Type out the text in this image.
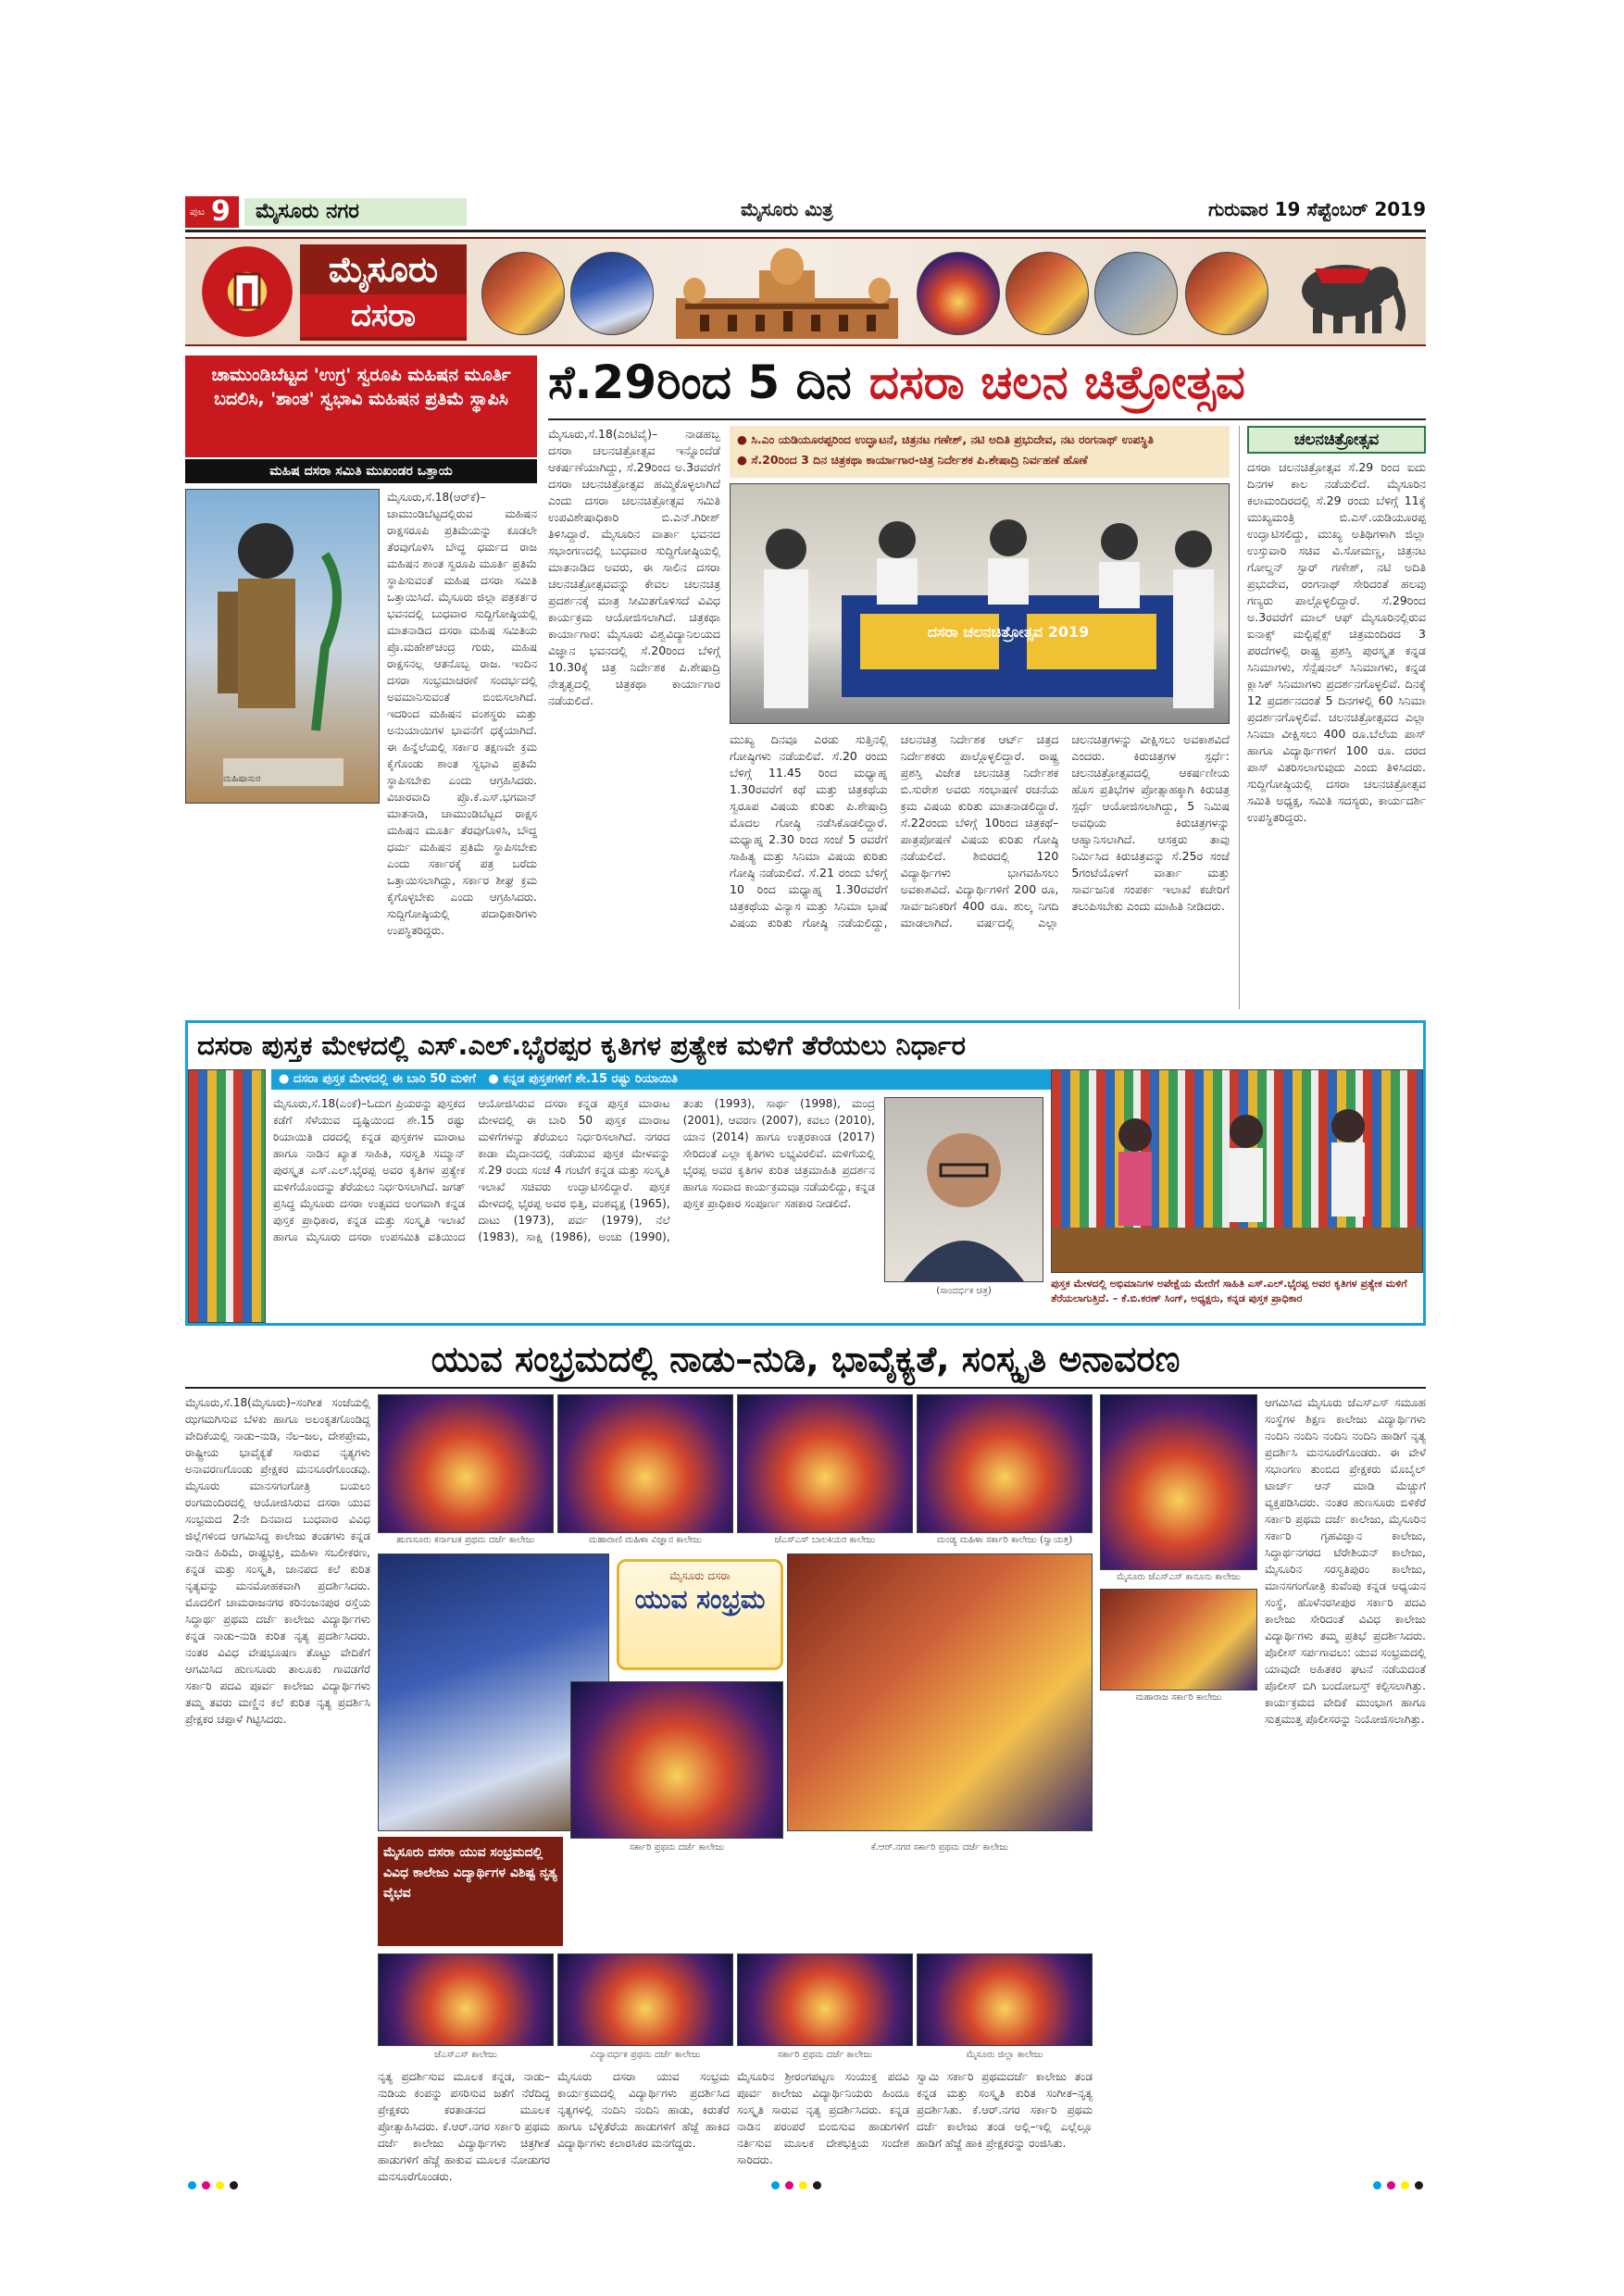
ಪುಟ 9	ಮೈಸೂರು ನಗರ	ಮೈಸೂರು ಮಿತ್ರ	ಗುರುವಾರ 19 ಸೆಪ್ಟೆಂಬರ್ 2019
ಮೈಸೂರು
ದಸರಾ
ಚಾಮುಂಡಿಬೆಟ್ಟದ 'ಉಗ್ರ' ಸ್ವರೂಪಿ ಮಹಿಷನ ಮೂರ್ತಿ ಬದಲಿಸಿ, 'ಶಾಂತ' ಸ್ವಭಾವಿ ಮಹಿಷನ ಪ್ರತಿಮೆ ಸ್ಥಾಪಿಸಿ
ಮಹಿಷ ದಸರಾ ಸಮಿತಿ ಮುಖಂಡರ ಒತ್ತಾಯ
ಮಹಿಷಾಸುರ
ಮೈಸೂರು,ಸೆ.18(ಆರ್‌ಕೆ)–ಚಾಮುಂಡಿಬೆಟ್ಟದಲ್ಲಿರುವ ಮಹಿಷನ ರಾಕ್ಷಸರೂಪಿ ಪ್ರತಿಮೆಯನ್ನು ಕೂಡಲೇ ತೆರವುಗೊಳಿಸಿ ಬೌದ್ಧ ಧರ್ಮದ ರಾಜ ಮಹಿಷನ ಶಾಂತ ಸ್ವರೂಪಿ ಮೂರ್ತಿ ಪ್ರತಿಮೆ ಸ್ಥಾಪಿಸುವಂತೆ ಮಹಿಷ ದಸರಾ ಸಮಿತಿ ಒತ್ತಾಯಿಸಿದೆ. ಮೈಸೂರು ಜಿಲ್ಲಾ ಪತ್ರಕರ್ತರ ಭವನದಲ್ಲಿ ಬುಧವಾರ ಸುದ್ದಿಗೋಷ್ಠಿಯಲ್ಲಿ ಮಾತನಾಡಿದ ದಸರಾ ಮಹಿಷ ಸಮಿತಿಯ ಪ್ರೊ.ಮಹೇಶ್‌ಚಂದ್ರ ಗುರು, ಮಹಿಷ ರಾಕ್ಷಸನಲ್ಲ ಆತನೊಬ್ಬ ರಾಜ. ಇಂದಿನ ದಸರಾ ಸಂಭ್ರಮಾಚರಣೆ ಸಂದರ್ಭದಲ್ಲಿ ಅವಮಾನಿಸುವಂತೆ ಬಿಂಬಿಸಲಾಗಿದೆ. ಇದರಿಂದ ಮಹಿಷನ ವಂಶಸ್ಥರು ಮತ್ತು ಅನುಯಾಯಿಗಳ ಭಾವನೆಗೆ ಧಕ್ಕೆಯಾಗಿದೆ. ಈ ಹಿನ್ನೆಲೆಯಲ್ಲಿ ಸರ್ಕಾರ ತಕ್ಷಣವೇ ಕ್ರಮ ಕೈಗೊಂಡು ಶಾಂತ ಸ್ವಭಾವಿ ಪ್ರತಿಮೆ ಸ್ಥಾಪಿಸಬೇಕು ಎಂದು ಆಗ್ರಹಿಸಿದರು. ವಿಚಾರವಾದಿ ಪ್ರೊ.ಕೆ.ಎಸ್.ಭಗವಾನ್ ಮಾತನಾಡಿ, ಚಾಮುಂಡಿಬೆಟ್ಟದ ರಾಕ್ಷಸ ಮಹಿಷನ ಮೂರ್ತಿ ತೆರವುಗೊಳಿಸಿ, ಬೌದ್ಧ ಧರ್ಮ ಮಹಿಷನ ಪ್ರತಿಮೆ ಸ್ಥಾಪಿಸಬೇಕು ಎಂದು ಸರ್ಕಾರಕ್ಕೆ ಪತ್ರ ಬರೆದು ಒತ್ತಾಯಿಸಲಾಗಿದ್ದು, ಸರ್ಕಾರ ಶೀಘ್ರ ಕ್ರಮ ಕೈಗೊಳ್ಳಬೇಕು ಎಂದು ಆಗ್ರಹಿಸಿದರು. ಸುದ್ದಿಗೋಷ್ಠಿಯಲ್ಲಿ ಪದಾಧಿಕಾರಿಗಳು ಉಪಸ್ಥಿತರಿದ್ದರು.
ಸೆ.29ರಿಂದ 5 ದಿನ ದಸರಾ ಚಲನ ಚಿತ್ರೋತ್ಸವ
ಮೈಸೂರು,ಸೆ.18(ಎಂಟಿವೈ)– ನಾಡಹಬ್ಬ ದಸರಾ ಚಲನಚಿತ್ರೋತ್ಸವ ಇನ್ನೊಂದೆಡೆ ಆಕರ್ಷಣೆಯಾಗಿದ್ದು, ಸೆ.29ರಿಂದ ಅ.3ರವರೆಗೆ ದಸರಾ ಚಲನಚಿತ್ರೋತ್ಸವ ಹಮ್ಮಿಕೊಳ್ಳಲಾಗಿದೆ ಎಂದು ದಸರಾ ಚಲನಚಿತ್ರೋತ್ಸವ ಸಮಿತಿ ಉಪವಿಶೇಷಾಧಿಕಾರಿ ಬಿ.ಎನ್.ಗಿರೀಶ್ ತಿಳಿಸಿದ್ದಾರೆ. ಮೈಸೂರಿನ ವಾರ್ತಾ ಭವನದ ಸಭಾಂಗಣದಲ್ಲಿ ಬುಧವಾರ ಸುದ್ದಿಗೋಷ್ಠಿಯಲ್ಲಿ ಮಾತನಾಡಿದ ಅವರು, ಈ ಸಾಲಿನ ದಸರಾ ಚಲನಚಿತ್ರೋತ್ಸವವನ್ನು ಕೇವಲ ಚಲನಚಿತ್ರ ಪ್ರದರ್ಶನಕ್ಕೆ ಮಾತ್ರ ಸೀಮಿತಗೊಳಿಸದೆ ವಿವಿಧ ಕಾರ್ಯಕ್ರಮ ಆಯೋಜಿಸಲಾಗಿದೆ. ಚಿತ್ರಕಥಾ ಕಾರ್ಯಾಗಾರ: ಮೈಸೂರು ವಿಶ್ವವಿದ್ಯಾನಿಲಯದ ವಿಜ್ಞಾನ ಭವನದಲ್ಲಿ ಸೆ.20ರಿಂದ ಬೆಳಿಗ್ಗೆ 10.30ಕ್ಕೆ ಚಿತ್ರ ನಿರ್ದೇಶಕ ಪಿ.ಶೇಷಾದ್ರಿ ನೇತೃತ್ವದಲ್ಲಿ ಚಿತ್ರಕಥಾ ಕಾರ್ಯಾಗಾರ ನಡೆಯಲಿದೆ.
● ಸಿ.ಎಂ ಯಡಿಯೂರಪ್ಪರಿಂದ ಉದ್ಘಾಟನೆ, ಚಿತ್ರನಟ ಗಣೇಶ್, ನಟಿ ಅದಿತಿ ಪ್ರಭುದೇವ, ನಟ ರಂಗನಾಥ್ ಉಪಸ್ಥಿತಿ
● ಸೆ.20ರಿಂದ 3 ದಿನ ಚಿತ್ರಕಥಾ ಕಾರ್ಯಾಗಾರ-ಚಿತ್ರ ನಿರ್ದೇಶಕ ಪಿ.ಶೇಷಾದ್ರಿ ನಿರ್ವಹಣೆ ಹೊಣೆ
ದಸರಾ ಚಲನಚಿತ್ರೋತ್ಸವ 2019
ಮುಖ್ಯ ದಿನವೂ ಎರಡು ಸುತ್ತಿನಲ್ಲಿ ಗೋಷ್ಠಿಗಳು ನಡೆಯಲಿವೆ. ಸೆ.20 ರಂದು ಬೆಳಿಗ್ಗೆ 11.45 ರಿಂದ ಮಧ್ಯಾಹ್ನ 1.30ರವರೆಗೆ ಕಥೆ ಮತ್ತು ಚಿತ್ರಕಥೆಯ ಸ್ವರೂಪ ವಿಷಯ ಕುರಿತು ಪಿ.ಶೇಷಾದ್ರಿ ಮೊದಲ ಗೋಷ್ಠಿ ನಡೆಸಿಕೊಡಲಿದ್ದಾರೆ. ಮಧ್ಯಾಹ್ನ 2.30 ರಿಂದ ಸಂಜೆ 5 ರವರೆಗೆ ಸಾಹಿತ್ಯ ಮತ್ತು ಸಿನಿಮಾ ವಿಷಯ ಕುರಿತು ಗೋಷ್ಠಿ ನಡೆಯಲಿದೆ. ಸೆ.21 ರಂದು ಬೆಳಿಗ್ಗೆ 10 ರಿಂದ ಮಧ್ಯಾಹ್ನ 1.30ರವರೆಗೆ ಚಿತ್ರಕಥೆಯ ವಿನ್ಯಾಸ ಮತ್ತು ಸಿನಿಮಾ ಭಾಷೆ ವಿಷಯ ಕುರಿತು ಗೋಷ್ಠಿ ನಡೆಯಲಿದ್ದು, ಚಲನಚಿತ್ರ ನಿರ್ದೇಶಕ ಆರ್ಟ್ ಚಿತ್ರದ ನಿರ್ದೇಶಕರು ಪಾಲ್ಗೊಳ್ಳಲಿದ್ದಾರೆ. ರಾಷ್ಟ್ರ ಪ್ರಶಸ್ತಿ ವಿಜೇತ ಚಲನಚಿತ್ರ ನಿರ್ದೇಶಕ ಬಿ.ಸುರೇಶ ಅವರು ಸಂಭಾಷಣೆ ರಚನೆಯ ಕ್ರಮ ವಿಷಯ ಕುರಿತು ಮಾತನಾಡಲಿದ್ದಾರೆ. ಸೆ.22ರಂದು ಬೆಳಿಗ್ಗೆ 10ರಿಂದ ಚಿತ್ರಕಥೆ–ಪಾತ್ರಪೋಷಣೆ ವಿಷಯ ಕುರಿತು ಗೋಷ್ಠಿ ನಡೆಯಲಿದೆ. ಶಿಬಿರದಲ್ಲಿ 120 ವಿದ್ಯಾರ್ಥಿಗಳು ಭಾಗವಹಿಸಲು ಅವಕಾಶವಿದೆ. ವಿದ್ಯಾರ್ಥಿಗಳಿಗೆ 200 ರೂ, ಸಾರ್ವಜನಿಕರಿಗೆ 400 ರೂ. ಶುಲ್ಕ ನಿಗದಿ ಮಾಡಲಾಗಿದೆ. ವರ್ಷದಲ್ಲಿ ಎಲ್ಲಾ ಚಲನಚಿತ್ರಗಳನ್ನು ವೀಕ್ಷಿಸಲು ಅವಕಾಶವಿದೆ ಎಂದರು. ಕಿರುಚಿತ್ರಗಳ ಸ್ಪರ್ಧೆ: ಚಲನಚಿತ್ರೋತ್ಸವದಲ್ಲಿ ಆಕರ್ಷಣೀಯ ಹೊಸ ಪ್ರತಿಭೆಗಳ ಪ್ರೋತ್ಸಾಹಕ್ಕಾಗಿ ಕಿರುಚಿತ್ರ ಸ್ಪರ್ಧೆ ಆಯೋಜಿಸಲಾಗಿದ್ದು, 5 ನಿಮಿಷ ಅವಧಿಯ ಕಿರುಚಿತ್ರಗಳನ್ನು ಆಹ್ವಾನಿಸಲಾಗಿದೆ. ಆಸಕ್ತರು ತಾವು ನಿರ್ಮಿಸಿದ ಕಿರುಚಿತ್ರವನ್ನು ಸೆ.25ರ ಸಂಜೆ 5ಗಂಟೆಯೊಳಗೆ ವಾರ್ತಾ ಮತ್ತು ಸಾರ್ವಜನಿಕ ಸಂಪರ್ಕ ಇಲಾಖೆ ಕಚೇರಿಗೆ ತಲುಪಿಸಬೇಕು ಎಂದು ಮಾಹಿತಿ ನೀಡಿದರು.
ಚಲನಚಿತ್ರೋತ್ಸವ
ದಸರಾ ಚಲನಚಿತ್ರೋತ್ಸವ ಸೆ.29 ರಿಂದ ಐದು ದಿನಗಳ ಕಾಲ ನಡೆಯಲಿದೆ. ಮೈಸೂರಿನ ಕಲಾಮಂದಿರದಲ್ಲಿ ಸೆ.29 ರಂದು ಬೆಳಿಗ್ಗೆ 11ಕ್ಕೆ ಮುಖ್ಯಮಂತ್ರಿ ಬಿ.ಎಸ್.ಯಡಿಯೂರಪ್ಪ ಉದ್ಘಾಟಿಸಲಿದ್ದು, ಮುಖ್ಯ ಅತಿಥಿಗಳಾಗಿ ಜಿಲ್ಲಾ ಉಸ್ತುವಾರಿ ಸಚಿವ ವಿ.ಸೋಮಣ್ಣ, ಚಿತ್ರನಟ ಗೋಲ್ಡನ್ ಸ್ಟಾರ್ ಗಣೇಶ್, ನಟಿ ಅದಿತಿ ಪ್ರಭುದೇವ, ರಂಗನಾಥ್ ಸೇರಿದಂತೆ ಹಲವು ಗಣ್ಯರು ಪಾಲ್ಗೊಳ್ಳಲಿದ್ದಾರೆ. ಸೆ.29ರಿಂದ ಅ.3ರವರೆಗೆ ಮಾಲ್ ಆಫ್ ಮೈಸೂರಿನಲ್ಲಿರುವ ಐನಾಕ್ಸ್ ಮಲ್ಟಿಪ್ಲೆಕ್ಸ್ ಚಿತ್ರಮಂದಿರದ 3 ಪರದೆಗಳಲ್ಲಿ ರಾಷ್ಟ್ರ ಪ್ರಶಸ್ತಿ ಪುರಸ್ಕೃತ ಕನ್ನಡ ಸಿನಿಮಾಗಳು, ಸೆನ್ಸೆಷನಲ್ ಸಿನಿಮಾಗಳು, ಕನ್ನಡ ಕ್ಲಾಸಿಕ್ ಸಿನಿಮಾಗಳು ಪ್ರದರ್ಶನಗೊಳ್ಳಲಿವೆ. ದಿನಕ್ಕೆ 12 ಪ್ರದರ್ಶನದಂತೆ 5 ದಿನಗಳಲ್ಲಿ 60 ಸಿನಿಮಾ ಪ್ರದರ್ಶನಗೊಳ್ಳಲಿವೆ. ಚಲನಚಿತ್ರೋತ್ಸವದ ಎಲ್ಲಾ ಸಿನಿಮಾ ವೀಕ್ಷಿಸಲು 400 ರೂ.ಬೆಲೆಯ ಪಾಸ್ ಹಾಗೂ ವಿದ್ಯಾರ್ಥಿಗಳಿಗೆ 100 ರೂ. ದರದ ಪಾಸ್ ವಿತರಿಸಲಾಗುವುದು ಎಂದು ತಿಳಿಸಿದರು. ಸುದ್ದಿಗೋಷ್ಠಿಯಲ್ಲಿ ದಸರಾ ಚಲನಚಿತ್ರೋತ್ಸವ ಸಮಿತಿ ಅಧ್ಯಕ್ಷ, ಸಮಿತಿ ಸದಸ್ಯರು, ಕಾರ್ಯದರ್ಶಿ ಉಪಸ್ಥಿತರಿದ್ದರು.
ದಸರಾ ಪುಸ್ತಕ ಮೇಳದಲ್ಲಿ ಎಸ್.ಎಲ್.ಭೈರಪ್ಪರ ಕೃತಿಗಳ ಪ್ರತ್ಯೇಕ ಮಳಿಗೆ ತೆರೆಯಲು ನಿರ್ಧಾರ
● ದಸರಾ ಪುಸ್ತಕ ಮೇಳದಲ್ಲಿ ಈ ಬಾರಿ 50 ಮಳಿಗೆ   ● ಕನ್ನಡ ಪುಸ್ತಕಗಳಿಗೆ ಶೇ.15 ರಷ್ಟು ರಿಯಾಯಿತಿ
ಮೈಸೂರು,ಸೆ.18(ಎಂಕೆ)–ಓದುಗ ಪ್ರಿಯರನ್ನು ಪುಸ್ತಕದ ಕಡೆಗೆ ಸೆಳೆಯುವ ದೃಷ್ಟಿಯಿಂದ ಶೇ.15 ರಷ್ಟು ರಿಯಾಯಿತಿ ದರದಲ್ಲಿ ಕನ್ನಡ ಪುಸ್ತಕಗಳ ಮಾರಾಟ ಹಾಗೂ ನಾಡಿನ ಖ್ಯಾತ ಸಾಹಿತಿ, ಸರಸ್ವತಿ ಸಮ್ಮಾನ್ ಪುರಸ್ಕೃತ ಎಸ್.ಎಲ್.ಭೈರಪ್ಪ ಅವರ ಕೃತಿಗಳ ಪ್ರತ್ಯೇಕ ಮಳಿಗೆಯೊಂದನ್ನು ತೆರೆಯಲು ನಿರ್ಧರಿಸಲಾಗಿದೆ. ಜಗತ್ ಪ್ರಸಿದ್ಧ ಮೈಸೂರು ದಸರಾ ಉತ್ಸವದ ಅಂಗವಾಗಿ ಕನ್ನಡ ಪುಸ್ತಕ ಪ್ರಾಧಿಕಾರ, ಕನ್ನಡ ಮತ್ತು ಸಂಸ್ಕೃತಿ ಇಲಾಖೆ ಹಾಗೂ ಮೈಸೂರು ದಸರಾ ಉಪಸಮಿತಿ ವತಿಯಿಂದ ಆಯೋಜಿಸಿರುವ ದಸರಾ ಕನ್ನಡ ಪುಸ್ತಕ ಮಾರಾಟ ಮೇಳದಲ್ಲಿ ಈ ಬಾರಿ 50 ಪುಸ್ತಕ ಮಾರಾಟ ಮಳಿಗೆಗಳನ್ನು ತೆರೆಯಲು ನಿರ್ಧರಿಸಲಾಗಿದೆ. ನಗರದ ಕಾಡಾ ಮೈದಾನದಲ್ಲಿ ನಡೆಯುವ ಪುಸ್ತಕ ಮೇಳವನ್ನು ಸೆ.29 ರಂದು ಸಂಜೆ 4 ಗಂಟೆಗೆ ಕನ್ನಡ ಮತ್ತು ಸಂಸ್ಕೃತಿ ಇಲಾಖೆ ಸಚಿವರು ಉದ್ಘಾಟಿಸಲಿದ್ದಾರೆ. ಪುಸ್ತಕ ಮೇಳದಲ್ಲಿ ಭೈರಪ್ಪ ಅವರ ಭಿತ್ತಿ, ವಂಶವೃಕ್ಷ (1965), ದಾಟು (1973), ಪರ್ವ (1979), ನೆಲೆ (1983), ಸಾಕ್ಷಿ (1986), ಅಂಚು (1990), ತಂತು (1993), ಸಾರ್ಥ (1998), ಮಂದ್ರ (2001), ಆವರಣ (2007), ಕವಲು (2010), ಯಾನ (2014) ಹಾಗೂ ಉತ್ತರಕಾಂಡ (2017) ಸೇರಿದಂತೆ ಎಲ್ಲಾ ಕೃತಿಗಳು ಲಭ್ಯವಿರಲಿವೆ. ಮಳಿಗೆಯಲ್ಲಿ ಭೈರಪ್ಪ ಅವರ ಕೃತಿಗಳ ಕುರಿತ ಚಿತ್ರಮಾಹಿತಿ ಪ್ರದರ್ಶನ ಹಾಗೂ ಸಂವಾದ ಕಾರ್ಯಕ್ರಮವೂ ನಡೆಯಲಿದ್ದು, ಕನ್ನಡ ಪುಸ್ತಕ ಪ್ರಾಧಿಕಾರ ಸಂಪೂರ್ಣ ಸಹಕಾರ ನೀಡಲಿದೆ.
(ಸಾಂದರ್ಭಿಕ ಚಿತ್ರ)
ಪುಸ್ತಕ ಮೇಳದಲ್ಲಿ ಅಭಿಮಾನಿಗಳ ಅಪೇಕ್ಷೆಯ ಮೇರೆಗೆ ಸಾಹಿತಿ ಎಸ್.ಎಲ್.ಭೈರಪ್ಪ ಅವರ ಕೃತಿಗಳ ಪ್ರತ್ಯೇಕ ಮಳಿಗೆ ತೆರೆಯಲಾಗುತ್ತಿದೆ. – ಕೆ.ಬಿ.ಕರಣ್ ಸಿಂಗ್, ಅಧ್ಯಕ್ಷರು, ಕನ್ನಡ ಪುಸ್ತಕ ಪ್ರಾಧಿಕಾರ
ಯುವ ಸಂಭ್ರಮದಲ್ಲಿ ನಾಡು–ನುಡಿ, ಭಾವೈಕ್ಯತೆ, ಸಂಸ್ಕೃತಿ ಅನಾವರಣ
ಮೈಸೂರು,ಸೆ.18(ಮೈಸೂರು)–ಸಂಗೀತ ಸಂಜೆಯಲ್ಲಿ ಝಗಮಗಿಸುವ ಬೆಳಕು ಹಾಗೂ ಅಲಂಕೃತಗೊಂಡಿದ್ದ ವೇದಿಕೆಯಲ್ಲಿ ನಾಡು–ನುಡಿ, ನೆಲ–ಜಲ, ದೇಶಪ್ರೇಮ, ರಾಷ್ಟ್ರೀಯ ಭಾವೈಕ್ಯತೆ ಸಾರುವ ನೃತ್ಯಗಳು ಅನಾವರಣಗೊಂಡು ಪ್ರೇಕ್ಷಕರ ಮನಸೂರೆಗೊಂಡವು. ಮೈಸೂರು ಮಾನಸಗಂಗೋತ್ರಿ ಬಯಲು ರಂಗಮಂದಿರದಲ್ಲಿ ಆಯೋಜಿಸಿರುವ ದಸರಾ ಯುವ ಸಂಭ್ರಮದ 2ನೇ ದಿನವಾದ ಬುಧವಾರ ವಿವಿಧ ಜಿಲ್ಲೆಗಳಿಂದ ಆಗಮಿಸಿದ್ದ ಕಾಲೇಜು ತಂಡಗಳು ಕನ್ನಡ ನಾಡಿನ ಹಿರಿಮೆ, ರಾಷ್ಟ್ರಭಕ್ತಿ, ಮಹಿಳಾ ಸಬಲೀಕರಣ, ಕನ್ನಡ ಮತ್ತು ಸಂಸ್ಕೃತಿ, ಜಾನಪದ ಕಲೆ ಕುರಿತ ನೃತ್ಯವನ್ನು ಮನಮೋಹಕವಾಗಿ ಪ್ರದರ್ಶಿಸಿದರು. ಮೊದಲಿಗೆ ಚಾಮರಾಜನಗರ ಕರಿನಂಜನಪುರ ರಸ್ತೆಯ ಸಿದ್ಧಾರ್ಥ ಪ್ರಥಮ ದರ್ಜೆ ಕಾಲೇಜು ವಿದ್ಯಾರ್ಥಿಗಳು ಕನ್ನಡ ನಾಡು–ನುಡಿ ಕುರಿತ ನೃತ್ಯ ಪ್ರದರ್ಶಿಸಿದರು. ನಂತರ ವಿವಿಧ ವೇಷಭೂಷಣ ತೊಟ್ಟು ವೇದಿಕೆಗೆ ಆಗಮಿಸಿದ ಹುಣಸೂರು ತಾಲೂಕು ಗಾವಡಗೆರೆ ಸರ್ಕಾರಿ ಪದವಿ ಪೂರ್ವ ಕಾಲೇಜು ವಿದ್ಯಾರ್ಥಿಗಳು ತಮ್ಮ ತವರು ಮಣ್ಣಿನ ಕಲೆ ಕುರಿತ ನೃತ್ಯ ಪ್ರದರ್ಶಿಸಿ ಪ್ರೇಕ್ಷಕರ ಚಪ್ಪಾಳೆ ಗಿಟ್ಟಿಸಿದರು.
ಹುಣಸೂರು ಕರ್ನಾಟಕ ಪ್ರಥಮ ದರ್ಜೆ ಕಾಲೇಜು	ಮಹಾರಾಣಿ ಮಹಿಳಾ ವಿಜ್ಞಾನ ಕಾಲೇಜು	ಜೆಎಸ್‌ಎಸ್ ಬಾಲಕಿಯರ ಕಾಲೇಜು	ಮಂಡ್ಯ ಮಹಿಳಾ ಸರ್ಕಾರಿ ಕಾಲೇಜು (ಸ್ವಾಯತ್ತ)
ಮೈಸೂರು ದಸರಾ
ಯುವ ಸಂಭ್ರಮ
ಮೈಸೂರು ದಸರಾ ಯುವ ಸಂಭ್ರಮದಲ್ಲಿ ವಿವಿಧ ಕಾಲೇಜು ವಿದ್ಯಾರ್ಥಿಗಳ ವಿಶಿಷ್ಟ ನೃತ್ಯ ವೈಭವ
ಸರ್ಕಾರಿ ಪ್ರಥಮ ದರ್ಜೆ ಕಾಲೇಜು	ಕೆ.ಆರ್.ನಗರ ಸರ್ಕಾರಿ ಪ್ರಥಮ ದರ್ಜೆ ಕಾಲೇಜು
ಮೈಸೂರು ಜೆಎಸ್‌ಎಸ್ ಕಾನೂನು ಕಾಲೇಜು
ಆಗಮಿಸಿದ ಮೈಸೂರು ಜೆಎಸ್‌ಎಸ್ ಸಮೂಹ ಸಂಸ್ಥೆಗಳ ಶಿಕ್ಷಣ ಕಾಲೇಜು ವಿದ್ಯಾರ್ಥಿಗಳು ನಂದಿನಿ ನಂದಿನಿ ನಂದಿನಿ ನಂದಿನಿ ಹಾಡಿಗೆ ನೃತ್ಯ ಪ್ರದರ್ಶಿಸಿ ಮನಸೂರೆಗೊಂಡರು. ಈ ವೇಳೆ ಸಭಾಂಗಣ ತುಂಬಿದ ಪ್ರೇಕ್ಷಕರು ಮೊಬೈಲ್ ಟಾರ್ಚ್ ಆನ್ ಮಾಡಿ ಮೆಚ್ಚುಗೆ ವ್ಯಕ್ತಪಡಿಸಿದರು. ನಂತರ ಹುಣಸೂರು ಬಿಳಿಕೆರೆ ಸರ್ಕಾರಿ ಪ್ರಥಮ ದರ್ಜೆ ಕಾಲೇಜು, ಮೈಸೂರಿನ ಸರ್ಕಾರಿ ಗೃಹವಿಜ್ಞಾನ ಕಾಲೇಜು, ಸಿದ್ಧಾರ್ಥನಗರದ ಟೆರೇಶಿಯನ್ ಕಾಲೇಜು, ಮೈಸೂರಿನ ಸರಸ್ವತಿಪುರಂ ಕಾಲೇಜು, ಮಾನಸಗಂಗೋತ್ರಿ ಕುವೆಂಪು ಕನ್ನಡ ಅಧ್ಯಯನ ಸಂಸ್ಥೆ, ಹೊಳೆನರಸೀಪುರ ಸರ್ಕಾರಿ ಪದವಿ ಕಾಲೇಜು ಸೇರಿದಂತೆ ವಿವಿಧ ಕಾಲೇಜು ವಿದ್ಯಾರ್ಥಿಗಳು ತಮ್ಮ ಪ್ರತಿಭೆ ಪ್ರದರ್ಶಿಸಿದರು. ಪೊಲೀಸ್ ಸರ್ಪಗಾವಲು: ಯುವ ಸಂಭ್ರಮದಲ್ಲಿ ಯಾವುದೇ ಅಹಿತಕರ ಘಟನೆ ನಡೆಯದಂತೆ ಪೊಲೀಸ್ ಬಿಗಿ ಬಂದೋಬಸ್ತ್ ಕಲ್ಪಿಸಲಾಗಿತ್ತು. ಕಾರ್ಯಕ್ರಮದ ವೇದಿಕೆ ಮುಂಭಾಗ ಹಾಗೂ ಸುತ್ತಮುತ್ತ ಪೊಲೀಸರನ್ನು ನಿಯೋಜಿಸಲಾಗಿತ್ತು.
ಮಹಾರಾಜ ಸರ್ಕಾರಿ ಕಾಲೇಜು
ಜೆಎಸ್‌ಎಸ್ ಕಾಲೇಜು	ವಿದ್ಯಾವರ್ಧಕ ಪ್ರಥಮ ದರ್ಜೆ ಕಾಲೇಜು	ಸರ್ಕಾರಿ ಪ್ರಥಮ ದರ್ಜೆ ಕಾಲೇಜು	ಮೈಸೂರು ಜಿಲ್ಲಾ ಕಾಲೇಜು
ನೃತ್ಯ ಪ್ರದರ್ಶಿಸುವ ಮೂಲಕ ಕನ್ನಡ, ನಾಡು–ನುಡಿಯ ಕಂಪನ್ನು ಪಸರಿಸುವ ಜತೆಗೆ ನೆರೆದಿದ್ದ ಪ್ರೇಕ್ಷಕರು ಕರತಾಡನದ ಮೂಲಕ ಪ್ರೋತ್ಸಾಹಿಸಿದರು. ಕೆ.ಆರ್.ನಗರ ಸರ್ಕಾರಿ ಪ್ರಥಮ ದರ್ಜೆ ಕಾಲೇಜು ವಿದ್ಯಾರ್ಥಿಗಳು ಚಿತ್ರಗೀತೆ ಹಾಡುಗಳಿಗೆ ಹೆಜ್ಜೆ ಹಾಕುವ ಮೂಲಕ ನೋಡುಗರ ಮನಸೂರೆಗೊಂಡರು.
ಮೈಸೂರು ದಸರಾ ಯುವ ಸಂಭ್ರಮ ಕಾರ್ಯಕ್ರಮದಲ್ಲಿ ವಿದ್ಯಾರ್ಥಿಗಳು ಪ್ರದರ್ಶಿಸಿದ ನೃತ್ಯಗಳಲ್ಲಿ ನಂದಿನಿ ನಂದಿನಿ ಹಾಡು, ಕಿರುತೆರೆ ಹಾಗೂ ಬೆಳ್ಳಿತೆರೆಯ ಹಾಡುಗಳಿಗೆ ಹೆಜ್ಜೆ ಹಾಕಿದ ವಿದ್ಯಾರ್ಥಿಗಳು ಕಲಾರಸಿಕರ ಮನಗೆದ್ದರು.
ಮೈಸೂರಿನ ಶ್ರೀರಂಗಪಟ್ಟಣ ಸಂಯುಕ್ತ ಪದವಿ ಪೂರ್ವ ಕಾಲೇಜು ವಿದ್ಯಾರ್ಥಿನಿಯರು ಹಿಂದೂ ಸಂಸ್ಕೃತಿ ಸಾರುವ ನೃತ್ಯ ಪ್ರದರ್ಶಿಸಿದರು. ಕನ್ನಡ ನಾಡಿನ ಪರಂಪರೆ ಬಿಂಬಿಸುವ ಹಾಡುಗಳಿಗೆ ನರ್ತಿಸುವ ಮೂಲಕ ದೇಶಭಕ್ತಿಯ ಸಂದೇಶ ಸಾರಿದರು.
ಸ್ವಾಮಿ ಸರ್ಕಾರಿ ಪ್ರಥಮದರ್ಜೆ ಕಾಲೇಜು ತಂಡ ಕನ್ನಡ ಮತ್ತು ಸಂಸ್ಕೃತಿ ಕುರಿತ ಸಂಗೀತ–ನೃತ್ಯ ಪ್ರದರ್ಶಿಸಿತು. ಕೆ.ಆರ್.ನಗರ ಸರ್ಕಾರಿ ಪ್ರಥಮ ದರ್ಜೆ ಕಾಲೇಜು ತಂಡ ಅಲ್ಲಿ–ಇಲ್ಲಿ ಎಲ್ಲೆಲ್ಲೂ ಹಾಡಿಗೆ ಹೆಜ್ಜೆ ಹಾಕಿ ಪ್ರೇಕ್ಷಕರನ್ನು ರಂಜಿಸಿತು.
